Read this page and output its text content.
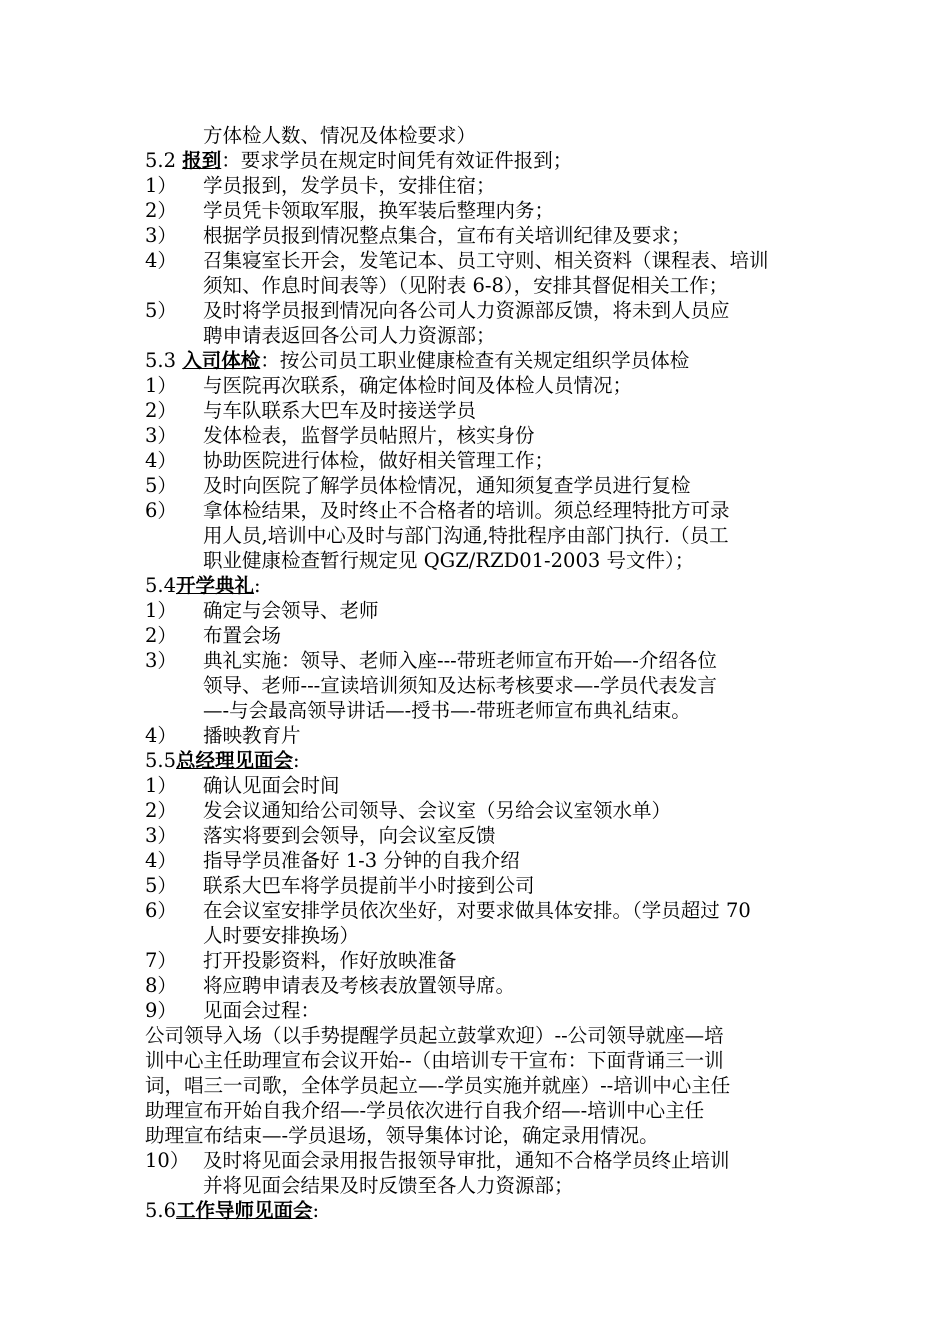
方体检人数、情况及体检要求）
5.2 报到：要求学员在规定时间凭有效证件报到；
1）	学员报到，发学员卡，安排住宿；
2）	学员凭卡领取军服，换军装后整理内务；
3）	根据学员报到情况整点集合，宣布有关培训纪律及要求；
4）	召集寝室长开会，发笔记本、员工守则、相关资料（课程表、培训
须知、作息时间表等）（见附表 6-8），安排其督促相关工作；
5）	及时将学员报到情况向各公司人力资源部反馈，将未到人员应
聘申请表返回各公司人力资源部；
5.3 入司体检：按公司员工职业健康检查有关规定组织学员体检
1）	与医院再次联系，确定体检时间及体检人员情况；
2）	与车队联系大巴车及时接送学员
3）	发体检表，监督学员帖照片，核实身份
4）	协助医院进行体检，做好相关管理工作；
5）	及时向医院了解学员体检情况，通知须复查学员进行复检
6）	拿体检结果，及时终止不合格者的培训。须总经理特批方可录
用人员,培训中心及时与部门沟通,特批程序由部门执行.（员工
职业健康检查暂行规定见 QGZ/RZD01-2003 号文件）；
5.4开学典礼:
1）	确定与会领导、老师
2）	布置会场
3）	典礼实施：领导、老师入座---带班老师宣布开始—-介绍各位
领导、老师---宣读培训须知及达标考核要求—-学员代表发言
—-与会最高领导讲话—-授书—-带班老师宣布典礼结束。
4）	播映教育片
5.5总经理见面会:
1）	确认见面会时间
2）	发会议通知给公司领导、会议室（另给会议室领水单）
3）	落实将要到会领导，向会议室反馈
4）	指导学员准备好 1-3 分钟的自我介绍
5）	联系大巴车将学员提前半小时接到公司
6）	在会议室安排学员依次坐好，对要求做具体安排。（学员超过 70
人时要安排换场）
7）	打开投影资料，作好放映准备
8）	将应聘申请表及考核表放置领导席。
9）	见面会过程：
公司领导入场（以手势提醒学员起立鼓掌欢迎）--公司领导就座—培
训中心主任助理宣布会议开始--（由培训专干宣布：下面背诵三一训
词，唱三一司歌，全体学员起立—-学员实施并就座）--培训中心主任
助理宣布开始自我介绍—-学员依次进行自我介绍—-培训中心主任
助理宣布结束—-学员退场，领导集体讨论，确定录用情况。
10） 及时将见面会录用报告报领导审批，通知不合格学员终止培训
并将见面会结果及时反馈至各人力资源部；
5.6工作导师见面会:
